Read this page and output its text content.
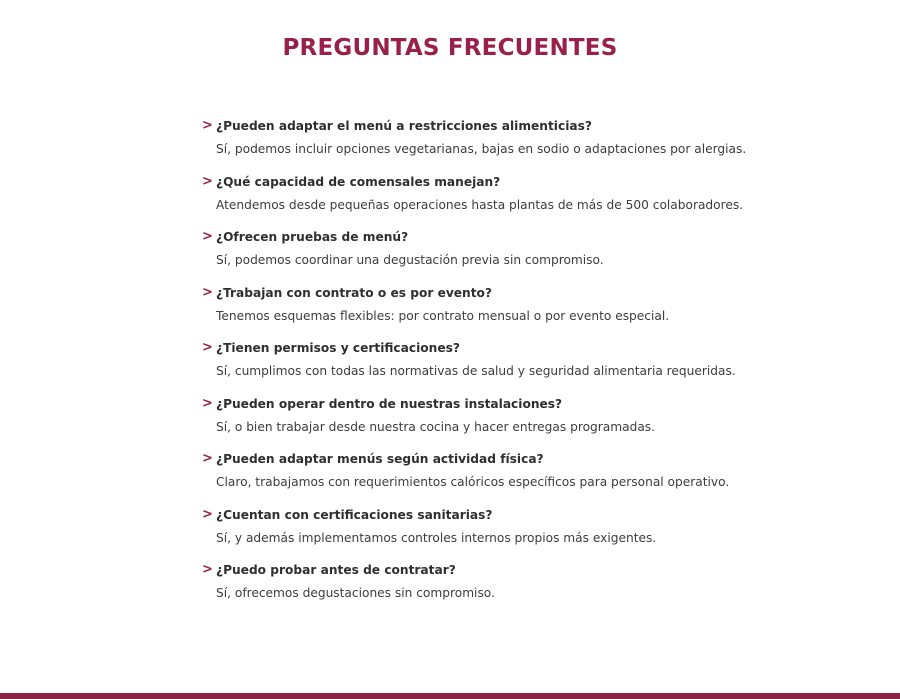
PREGUNTAS FRECUENTES
> ¿Pueden adaptar el menú a restricciones alimenticias?
Sí, podemos incluir opciones vegetarianas, bajas en sodio o adaptaciones por alergias.
> ¿Qué capacidad de comensales manejan?
Atendemos desde pequeñas operaciones hasta plantas de más de 500 colaboradores.
> ¿Ofrecen pruebas de menú?
Sí, podemos coordinar una degustación previa sin compromiso.
> ¿Trabajan con contrato o es por evento?
Tenemos esquemas flexibles: por contrato mensual o por evento especial.
> ¿Tienen permisos y certificaciones?
Sí, cumplimos con todas las normativas de salud y seguridad alimentaria requeridas.
> ¿Pueden operar dentro de nuestras instalaciones?
Sí, o bien trabajar desde nuestra cocina y hacer entregas programadas.
> ¿Pueden adaptar menús según actividad física?
Claro, trabajamos con requerimientos calóricos específicos para personal operativo.
> ¿Cuentan con certificaciones sanitarias?
Sí, y además implementamos controles internos propios más exigentes.
> ¿Puedo probar antes de contratar?
Sí, ofrecemos degustaciones sin compromiso.
